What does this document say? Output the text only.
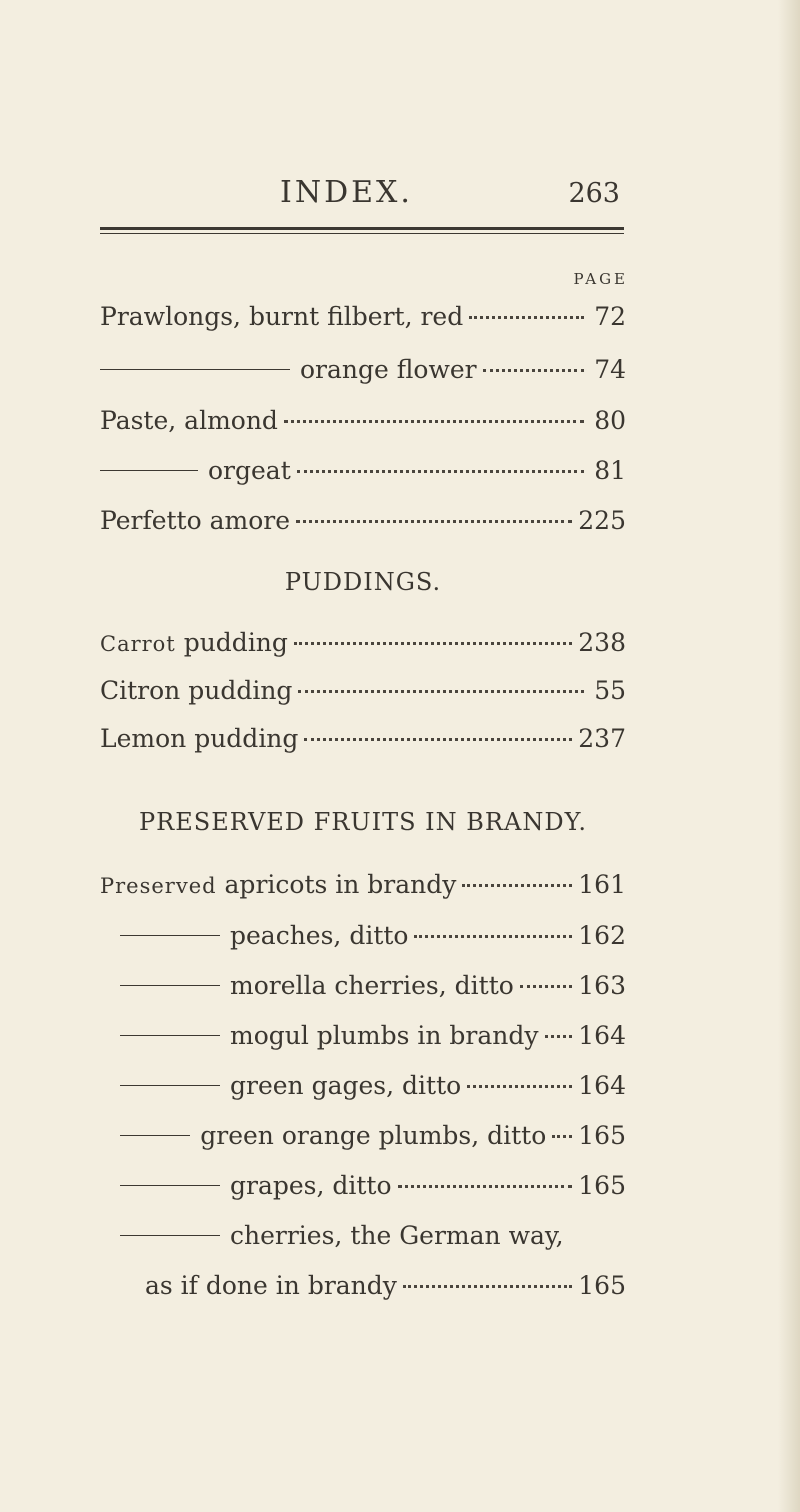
INDEX.	263
PAGE
Prawlongs, burnt filbert, red	72
orange flower	74
Paste, almond	80
orgeat	81
Perfetto amore	225
PUDDINGS.
Carrot pudding	238
Citron pudding	55
Lemon pudding	237
PRESERVED FRUITS IN BRANDY.
Preserved apricots in brandy	161
peaches, ditto	162
morella cherries, ditto	163
mogul plumbs in brandy 164
green gages, ditto	164
green orange plumbs, ditto 165
grapes, ditto	165
cherries, the German way,
as if done in brandy	165
